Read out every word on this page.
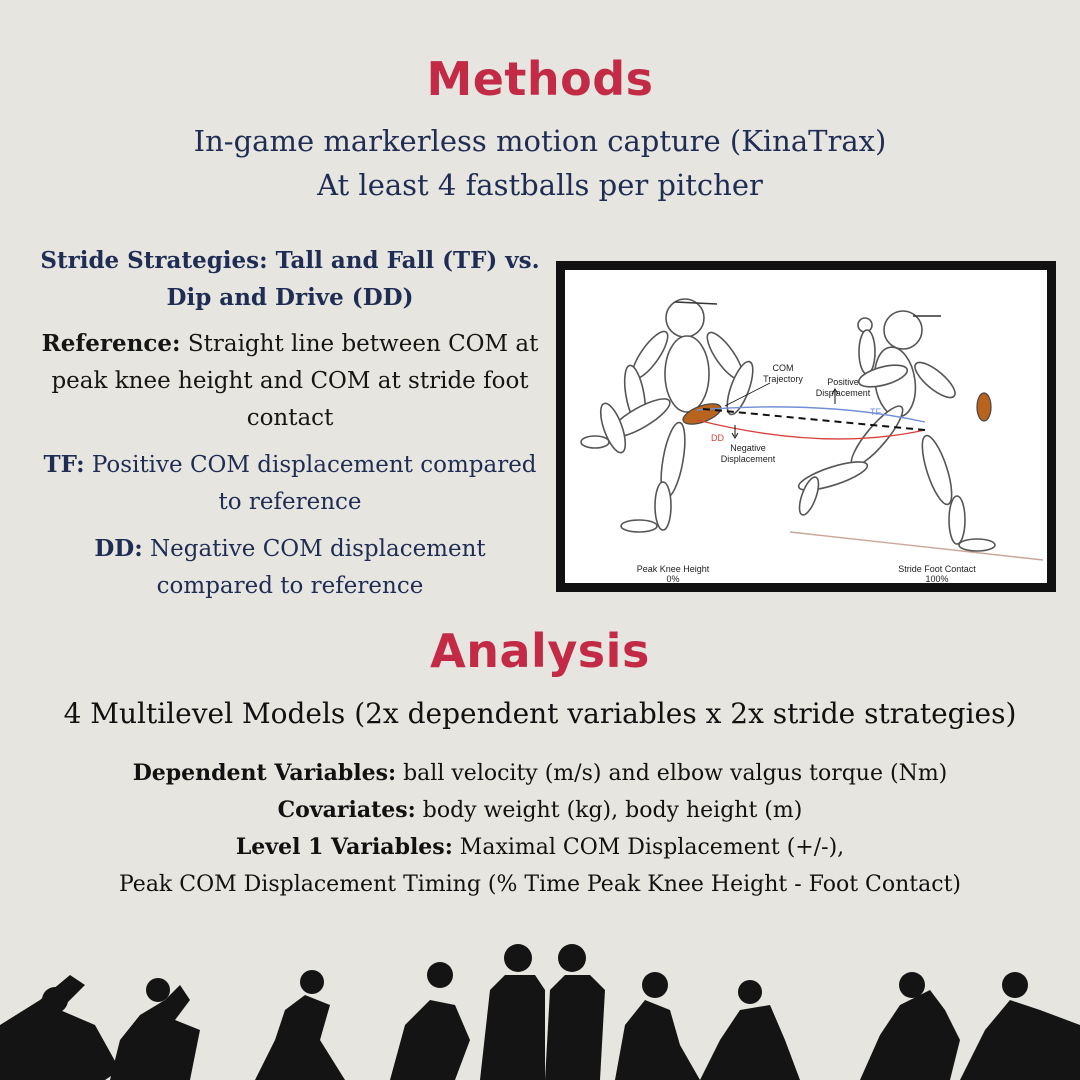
Methods
In-game markerless motion capture (KinaTrax)
At least 4 fastballs per pitcher
Stride Strategies: Tall and Fall (TF) vs.
Dip and Drive (DD)
Reference: Straight line between COM at
peak knee height and COM at stride foot
contact
TF: Positive COM displacement compared
to reference
DD: Negative COM displacement
compared to reference
COM
Trajectory	Positive
Displacement
Negative
Displacement
TF
DD
Peak Knee Height
0%
Stride Foot Contact
100%
Analysis
4 Multilevel Models (2x dependent variables x 2x stride strategies)
Dependent Variables: ball velocity (m/s) and elbow valgus torque (Nm)
Covariates: body weight (kg), body height (m)
Level 1 Variables: Maximal COM Displacement (+/-),
Peak COM Displacement Timing (% Time Peak Knee Height - Foot Contact)
